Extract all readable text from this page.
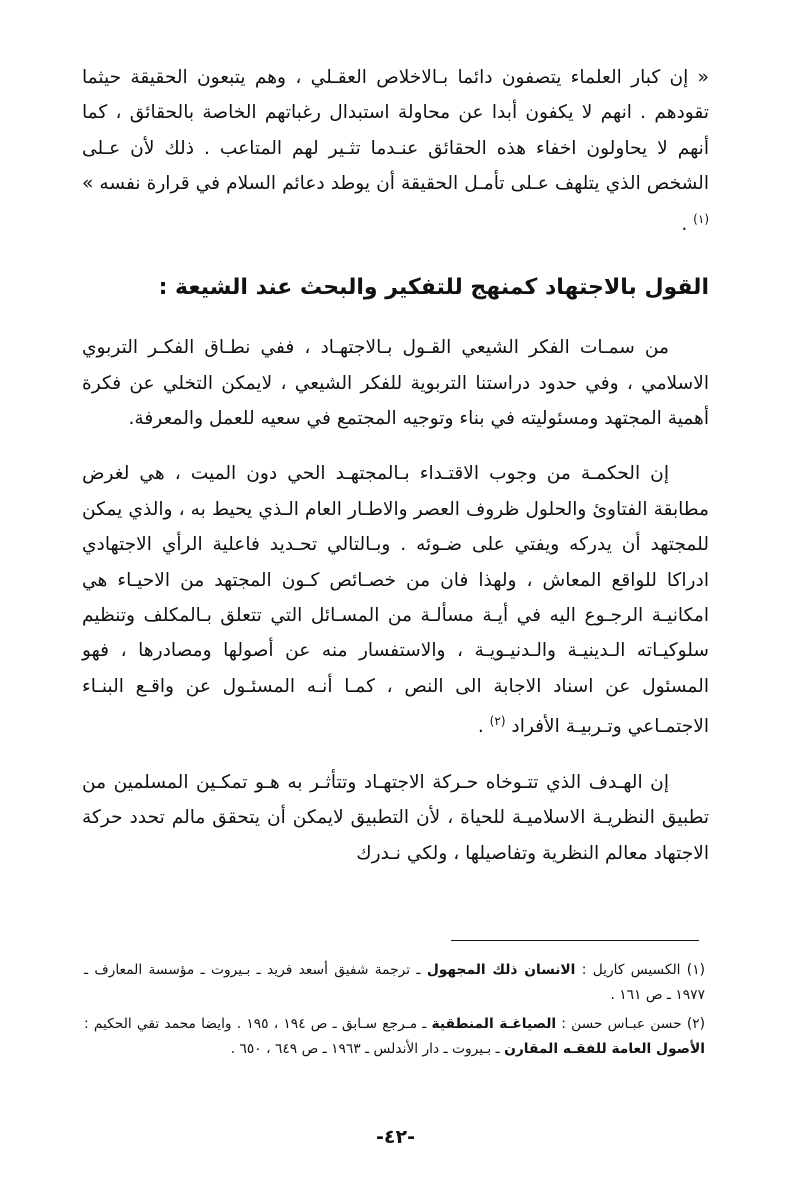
« إن كبار العلماء يتصفون دائما بـالاخلاص العقـلي ، وهم يتبعون الحقيقة حيثما تقودهم . انهم لا يكفون أبدا عن محاولة استبدال رغباتهم الخاصة بالحقائق ، كما أنهم لا يحاولون اخفاء هذه الحقائق عنـدما تثـير لهم المتاعب . ذلك لأن عـلى الشخص الذي يتلهف عـلى تأمـل الحقيقة أن يوطد دعائم السلام في قرارة نفسه » $^{(١)}$ .

القول بالاجتهاد كمنهج للتفكير والبحث عند الشيعة :

من سمـات الفكر الشيعي القـول بـالاجتهـاد ، ففي نطـاق الفكـر التربوي الاسلامي ، وفي حدود دراستنا التربوية للفكر الشيعي ، لايمكن التخلي عن فكرة أهمية المجتهد ومسئوليته في بناء وتوجيه المجتمع في سعيه للعمل والمعرفة.

إن الحكمـة من وجوب الاقتـداء بـالمجتهـد الحي دون الميت ، هي لغرض مطابقة الفتاوئ والحلول ظروف العصر والاطـار العام الـذي يحيط به ، والذي يمكن للمجتهد أن يدركه ويفتي على ضـوئه . وبـالتالي تحـديد فاعلية الرأي الاجتهادي ادراكا للواقع المعاش ، ولهذا فان من خصـائص كـون المجتهد من الاحيـاء هي امكانيـة الرجـوع اليه في أيـة مسألـة من المسـائل التي تتعلق بـالمكلف وتنظيم سلوكيـاته الـدينيـة والـدنيـويـة ، والاستفسار منه عن أصولها ومصادرها ، فهو المسئول عن اسناد الاجابة الى النص ، كمـا أنـه المسئـول عن واقـع البنـاء الاجتمـاعي وتـربيـة الأفراد $^{(٢)}$ .

إن الهـدف الذي تتـوخاه حـركة الاجتهـاد وتتأثـر به هـو تمكـين المسلمين من تطبيق النظريـة الاسلاميـة للحياة ، لأن التطبيق لايمكن أن يتحقق مالم تحدد حركة الاجتهاد معالم النظرية وتفاصيلها ، ولكي نـدرك

(١) الكسيس كاريل : الانسان ذلك المجهول ـ ترجمة شفيق أسعد فريد ـ بـيروت ـ مؤسسة المعارف ـ ١٩٧٧ ـ ص ١٦١ .

(٢) حسن عبـاس حسن : الصياغـة المنطقية ـ مـرجع سـابق ـ ص ١٩٤ ، ١٩٥ . وايضا محمد تقي الحكيم : الأصول العامة للفقـه المقارن ـ بـيروت ـ دار الأندلس ـ ١٩٦٣ ـ ص ٦٤٩ ، ٦٥٠ .

-٤٢-
